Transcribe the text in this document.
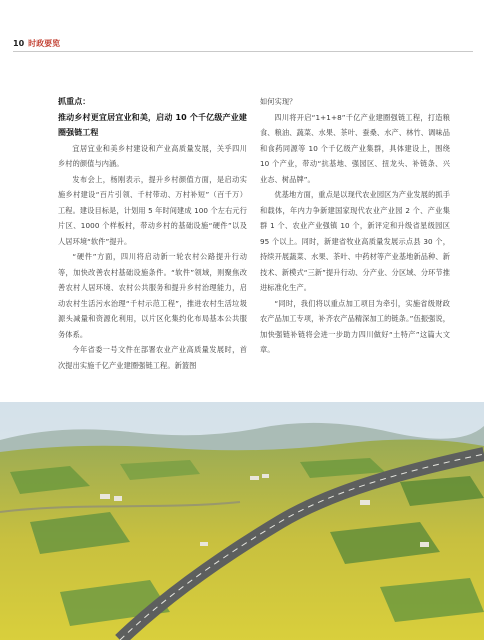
10 时政要览

抓重点：

推动乡村更宜居宜业和美，启动 10 个千亿级产业建圈强链工程

宜居宜业和美乡村建设和产业高质量发展，关乎四川乡村的颜值与内涵。

发布会上，杨刚表示，提升乡村颜值方面，是启动实施乡村建设“百片引领、千村带动、万村补短”（百千万）工程。建设目标是，计划用 5 年时间建成 100 个左右元行片区、1000 个样板村，带动乡村的基础设施“硬件”以及人居环境“软件”提升。

“硬件”方面，四川将启动新一轮农村公路提升行动等，加快改善农村基础设施条件。“软件”领域，则聚焦改善农村人居环境、农村公共服务和提升乡村治理能力，启动农村生活污水治理“千村示范工程”，推进农村生活垃圾源头减量和资源化利用，以片区化集约化布局基本公共服务体系。

今年省委一号文件在部署农业产业高质量发展时，首次提出实施千亿产业建圈强链工程。新篮图

如何实现？

四川将开启“1+1+8”千亿产业建圈强链工程，打造粮食、粮油、蔬菜、水果、茶叶、蚕桑、水产、林竹、调味品和食药同源等 10 个千亿级产业集群，具体建设上，围绕 10 个产业，带动“抗基地、强园区、扭龙头、补链条、兴业态、树品牌”。

优基地方面，重点是以现代农业园区为产业发展的抓手和载体，年内力争新建国家现代农业产业园 2 个、产业集群 1 个、农业产业强镇 10 个，新评定和升级省星级园区 95 个以上。同时，新建省牧业高质量发展示点县 30 个，持续开展蔬菜、水果、茶叶、中药材等产业基地新品种、新技术、新模式“三新”提升行动、分产业、分区域、分环节推进标准化生产。

“同时，我们将以重点加工项目为牵引，实施省级财政农产品加工专项，补齐农产品精深加工的链条。”伍振强说，加快强链补链将会进一步助力四川做好“土特产”这篇大文章。
